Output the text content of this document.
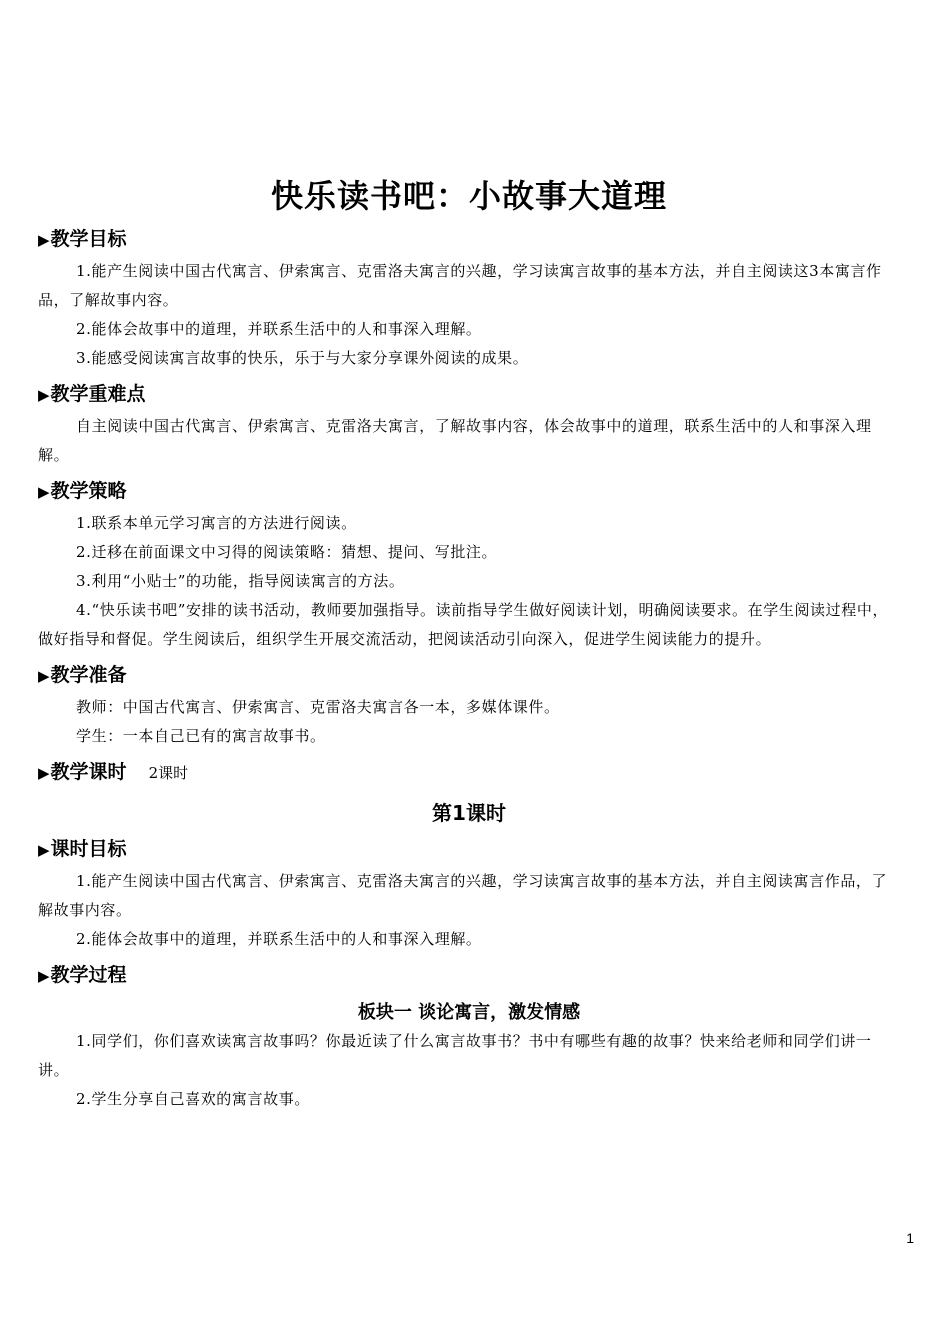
快乐读书吧：小故事大道理
▶ 教学目标

1.能产生阅读中国古代寓言、伊索寓言、克雷洛夫寓言的兴趣，学习读寓言故事的基本方法，并自主阅读这3本寓言作品，了解故事内容。

2.能体会故事中的道理，并联系生活中的人和事深入理解。

3.能感受阅读寓言故事的快乐，乐于与大家分享课外阅读的成果。

▶ 教学重难点

自主阅读中国古代寓言、伊索寓言、克雷洛夫寓言，了解故事内容，体会故事中的道理，联系生活中的人和事深入理解。

▶ 教学策略

1.联系本单元学习寓言的方法进行阅读。

2.迁移在前面课文中习得的阅读策略：猜想、提问、写批注。

3.利用“小贴士”的功能，指导阅读寓言的方法。

4.“快乐读书吧”安排的读书活动，教师要加强指导。读前指导学生做好阅读计划，明确阅读要求。在学生阅读过程中，做好指导和督促。学生阅读后，组织学生开展交流活动，把阅读活动引向深入，促进学生阅读能力的提升。

▶ 教学准备

教师：中国古代寓言、伊索寓言、克雷洛夫寓言各一本，多媒体课件。

学生：一本自己已有的寓言故事书。

▶ 教学课时 2课时
第1课时
▶ 课时目标

1.能产生阅读中国古代寓言、伊索寓言、克雷洛夫寓言的兴趣，学习读寓言故事的基本方法，并自主阅读寓言作品，了解故事内容。

2.能体会故事中的道理，并联系生活中的人和事深入理解。

▶ 教学过程
板块一 谈论寓言，激发情感

1.同学们，你们喜欢读寓言故事吗？你最近读了什么寓言故事书？书中有哪些有趣的故事？快来给老师和同学们讲一讲。

2.学生分享自己喜欢的寓言故事。

1
